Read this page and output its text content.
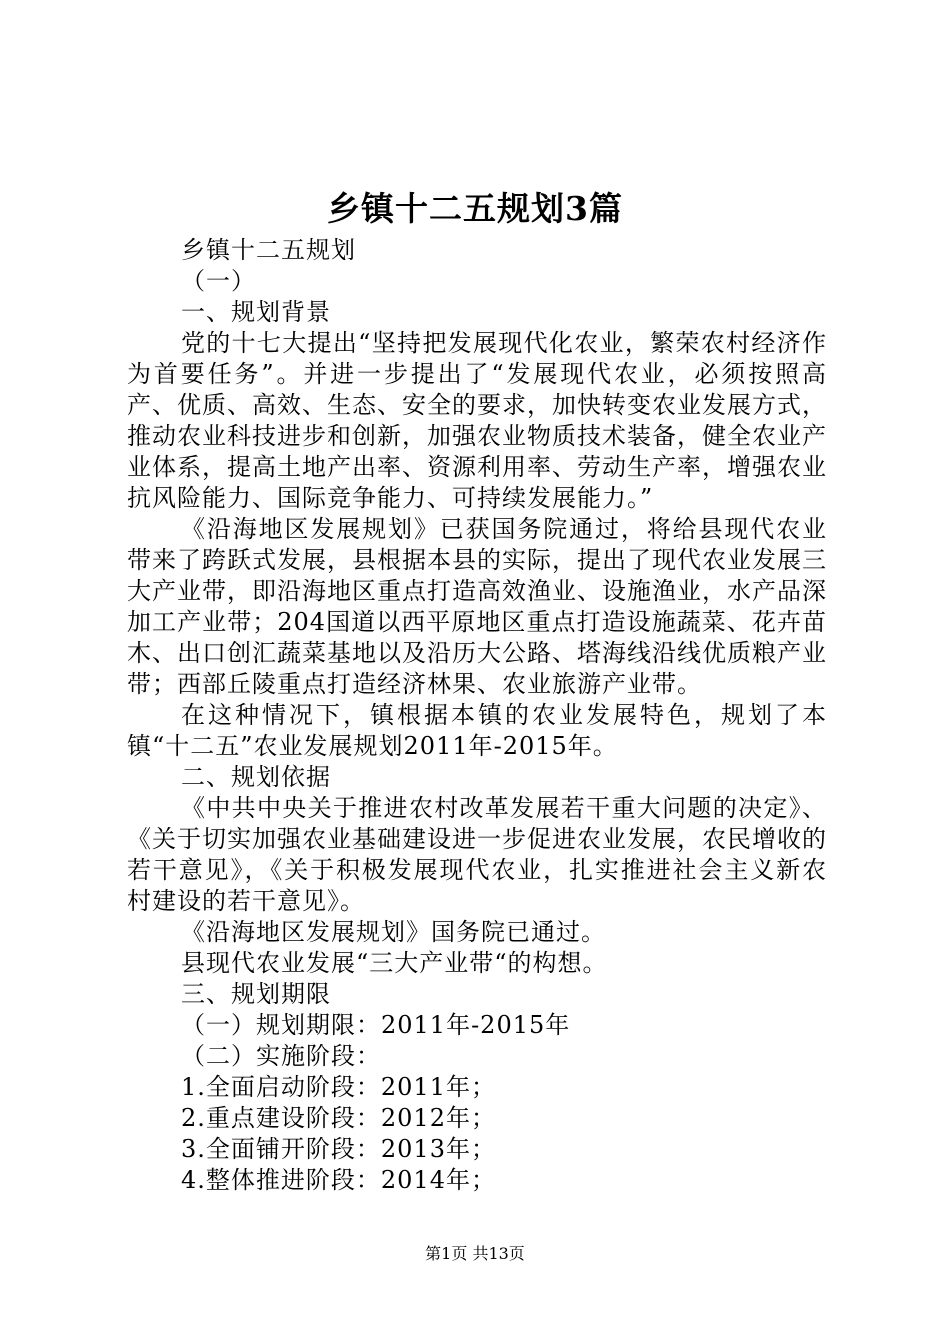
乡镇十二五规划3篇
乡镇十二五规划
（一）
一、规划背景
党的十七大提出“坚持把发展现代化农业，繁荣农村经济作为首要任务”。并进一步提出了“发展现代农业，必须按照高产、优质、高效、生态、安全的要求，加快转变农业发展方式，推动农业科技进步和创新，加强农业物质技术装备，健全农业产业体系，提高土地产出率、资源利用率、劳动生产率，增强农业抗风险能力、国际竞争能力、可持续发展能力。”
《沿海地区发展规划》已获国务院通过，将给县现代农业带来了跨跃式发展，县根据本县的实际，提出了现代农业发展三大产业带，即沿海地区重点打造高效渔业、设施渔业，水产品深加工产业带；204国道以西平原地区重点打造设施蔬菜、花卉苗木、出口创汇蔬菜基地以及沿历大公路、塔海线沿线优质粮产业带；西部丘陵重点打造经济林果、农业旅游产业带。
在这种情况下，镇根据本镇的农业发展特色，规划了本镇“十二五”农业发展规划2011年-2015年。
二、规划依据
《中共中央关于推进农村改革发展若干重大问题的决定》、《关于切实加强农业基础建设进一步促进农业发展，农民增收的若干意见》，《关于积极发展现代农业，扎实推进社会主义新农村建设的若干意见》。
《沿海地区发展规划》国务院已通过。
县现代农业发展“三大产业带“的构想。
三、规划期限
（一）规划期限：2011年-2015年
（二）实施阶段：
1.全面启动阶段：2011年；
2.重点建设阶段：2012年；
3.全面铺开阶段：2013年；
4.整体推进阶段：2014年；
第1页 共13页
